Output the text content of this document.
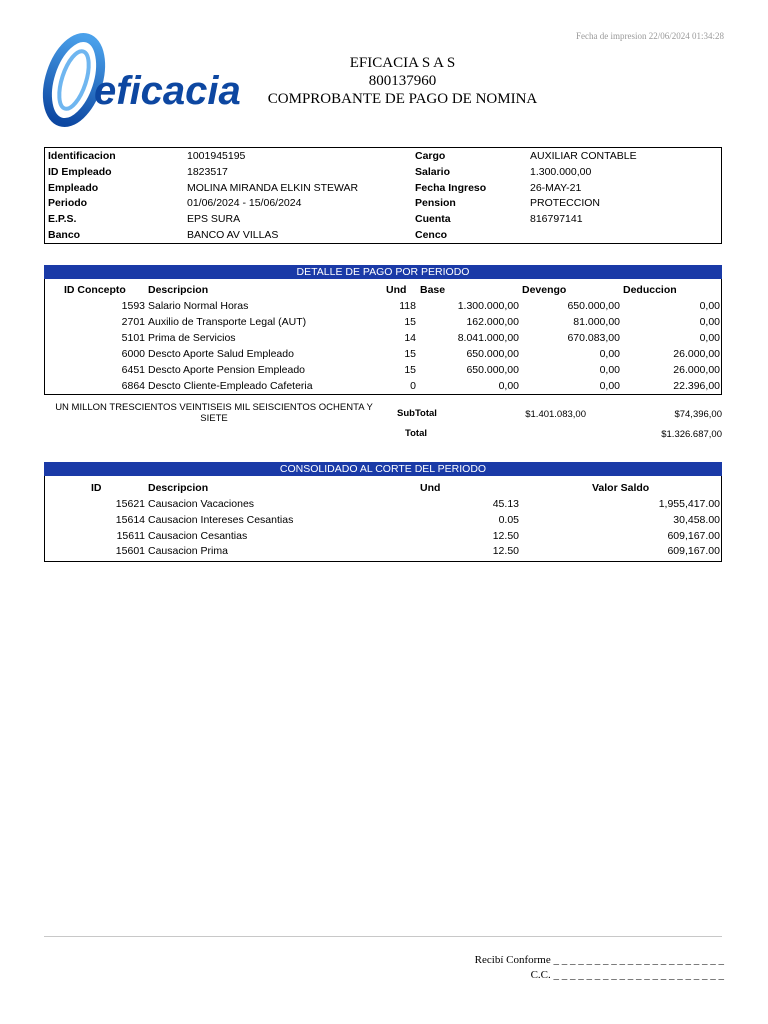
Fecha de impresion 22/06/2024 01:34:28
eficacia
EFICACIA S A S
800137960
COMPROBANTE DE PAGO DE NOMINA
Identificacion	1001945195	Cargo	AUXILIAR CONTABLE
ID Empleado	1823517	Salario	1.300.000,00
Empleado	MOLINA MIRANDA ELKIN STEWAR	Fecha Ingreso	26-MAY-21
Periodo	01/06/2024 - 15/06/2024	Pension	PROTECCION
E.P.S.	EPS SURA	Cuenta	816797141
Banco	BANCO AV VILLAS	Cenco
DETALLE DE PAGO POR PERIODO
ID Concepto Descripcion	Und Base	Devengo	Deduccion
1593 Salario Normal Horas	118	1.300.000,00	650.000,00	0,00
2701 Auxilio de Transporte Legal (AUT)	15	162.000,00	81.000,00	0,00
5101 Prima de Servicios	14	8.041.000,00	670.083,00	0,00
6000 Descto Aporte Salud Empleado	15	650.000,00	0,00	26.000,00
6451 Descto Aporte Pension Empleado	15	650.000,00	0,00	26.000,00
6864 Descto Cliente-Empleado Cafeteria	0	0,00	0,00	22.396,00
UN MILLON TRESCIENTOS VEINTISEIS MIL SEISCIENTOS OCHENTA Y SIETE	SubTotal	$1.401.083,00	$74,396,00
Total	$1.326.687,00
CONSOLIDADO AL CORTE DEL PERIODO
ID	Descripcion	Und	Valor Saldo
15621 Causacion Vacaciones	45.13	1,955,417.00
15614 Causacion Intereses Cesantias	0.05	30,458.00
15611 Causacion Cesantias	12.50	609,167.00
15601 Causacion Prima	12.50	609,167.00
Recibí Conforme _ _ _ _ _ _ _ _ _ _ _ _ _ _ _ _ _ _ _ _ _
C.C. _ _ _ _ _ _ _ _ _ _ _ _ _ _ _ _ _ _ _ _ _
